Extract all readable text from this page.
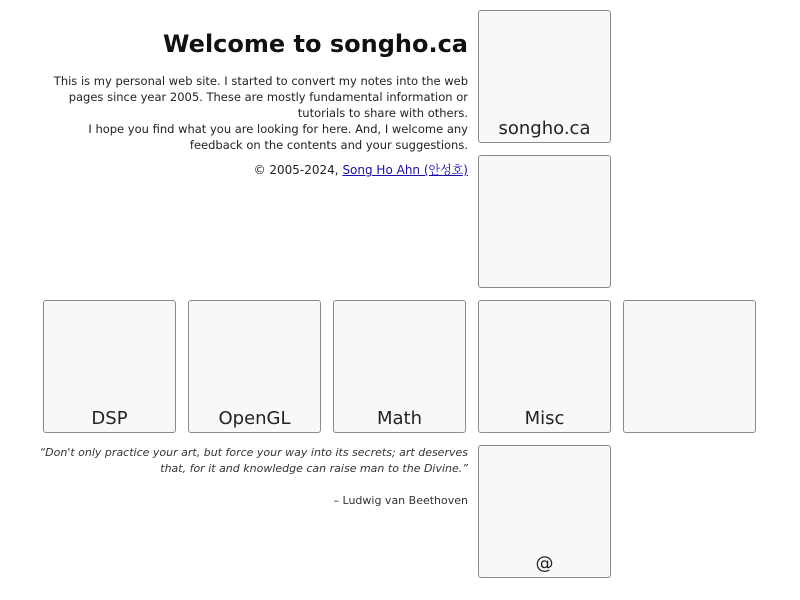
Welcome to songho.ca
This is my personal web site. I started to convert my notes into the web pages since year 2005. These are mostly fundamental information or tutorials to share with others.
I hope you find what you are looking for here. And, I welcome any feedback on the contents and your suggestions.
© 2005-2024, Song Ho Ahn (안성호)

“Don't only practice your art, but force your way into its secrets; art deserves that, for it and knowledge can raise man to the Divine.”

– Ludwig van Beethoven
songho.ca
DSP	OpenGL	Math	Misc
@
